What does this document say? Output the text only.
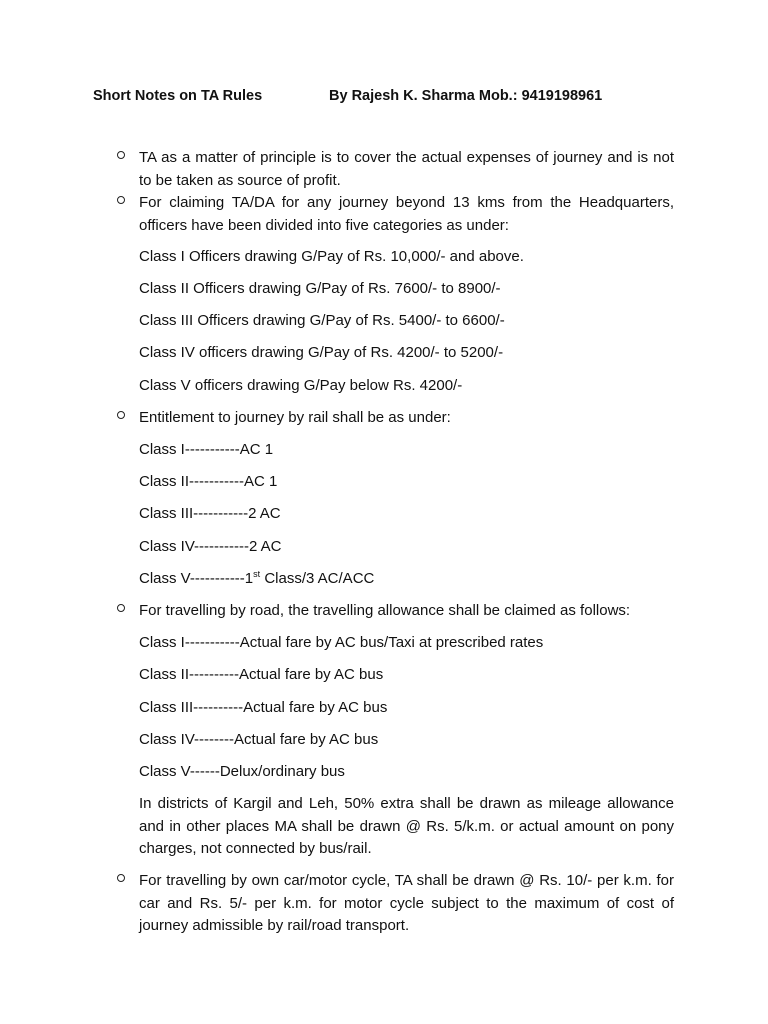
Short Notes on TA Rules	By Rajesh K. Sharma Mob.: 9419198961
TA as a matter of principle is to cover the actual expenses of journey and is not to be taken as source of profit.
For claiming TA/DA for any journey beyond 13 kms from the Headquarters, officers have been divided into five categories as under:
Class I Officers drawing G/Pay of Rs. 10,000/- and above.
Class II Officers drawing G/Pay of Rs. 7600/- to 8900/-
Class III Officers drawing G/Pay of Rs. 5400/- to 6600/-
Class IV officers drawing G/Pay of Rs. 4200/- to 5200/-
Class V officers drawing G/Pay below Rs. 4200/-
Entitlement to journey by rail shall be as under:
Class I-----------AC 1
Class II-----------AC 1
Class III-----------2 AC
Class IV-----------2 AC
Class V-----------1st Class/3 AC/ACC
For travelling by road, the travelling allowance shall be claimed as follows:
Class I-----------Actual fare by AC bus/Taxi at prescribed rates
Class II----------Actual fare by AC bus
Class III----------Actual fare by AC bus
Class IV--------Actual fare by AC bus
Class V------Delux/ordinary bus
In districts of Kargil and Leh, 50% extra shall be drawn as mileage allowance and in other places MA shall be drawn @ Rs. 5/k.m. or actual amount on pony charges, not connected by bus/rail.
For travelling by own car/motor cycle, TA shall be drawn @ Rs. 10/- per k.m. for car and Rs. 5/- per k.m. for motor cycle subject to the maximum of cost of journey admissible by rail/road transport.
